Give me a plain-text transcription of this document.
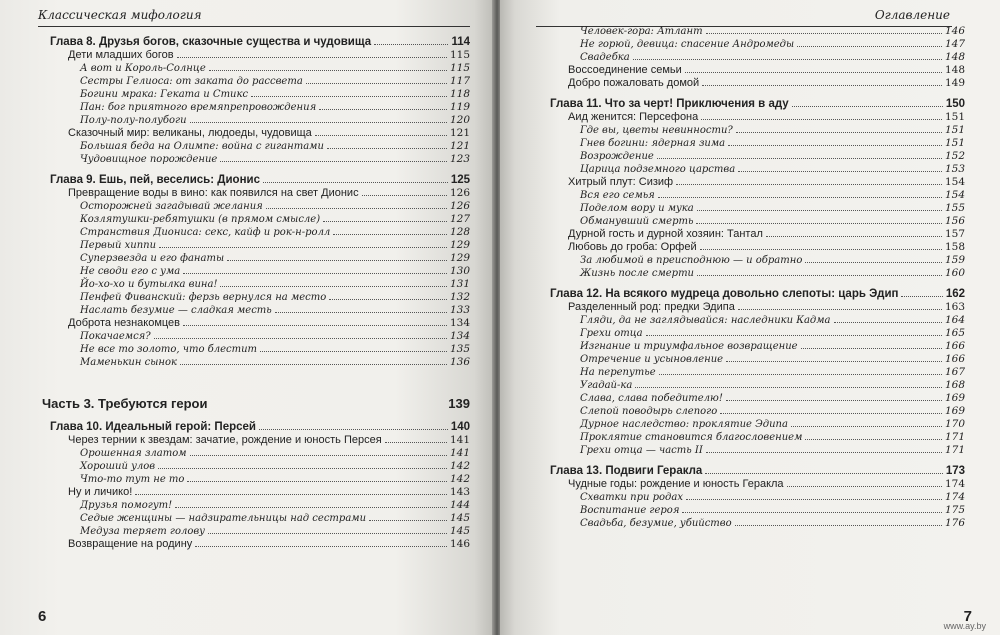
Классическая мифология
Глава 8. Друзья богов, сказочные существа и чудовища	114
Дети младших богов	115
А вот и Король-Солнце	115
Сестры Гелиоса: от заката до рассвета	117
Богини мрака: Геката и Стикс	118
Пан: бог приятного времяпрепровождения	119
Полу-полу-полубоги	120
Сказочный мир: великаны, людоеды, чудовища	121
Большая беда на Олимпе: война с гигантами	121
Чудовищное порождение	123
Глава 9. Ешь, пей, веселись: Дионис	125
Превращение воды в вино: как появился на свет Дионис	126
Осторожней загадывай желания	126
Козлятушки-ребятушки (в прямом смысле)	127
Странствия Диониса: секс, кайф и рок-н-ролл	128
Первый хиппи	129
Суперзвезда и его фанаты	129
Не своди его с ума	130
Йо-хо-хо и бутылка вина!	131
Пенфей Фиванский: ферзь вернулся на место	132
Наслать безумие — сладкая месть	133
Доброта незнакомцев	134
Покачаемся?	134
Не все то золото, что блестит	135
Маменькин сынок	136
Часть 3. Требуются герои	139
Глава 10. Идеальный герой: Персей	140
Через тернии к звездам: зачатие, рождение и юность Персея	141
Орошенная златом	141
Хороший улов	142
Что-то тут не то	142
Ну и личико!	143
Друзья помогут!	144
Седые женщины — надзирательницы над сестрами	145
Медуза теряет голову	145
Возвращение на родину	146
6
Оглавление
Человек-гора: Атлант	146
Не горюй, девица: спасение Андромеды	147
Свадебка	148
Воссоединение семьи	148
Добро пожаловать домой	149
Глава 11. Что за черт! Приключения в аду	150
Аид женится: Персефона	151
Где вы, цветы невинности?	151
Гнев богини: ядерная зима	151
Возрождение	152
Царица подземного царства	153
Хитрый плут: Сизиф	154
Вся его семья	154
Поделом вору и мука	155
Обманувший смерть	156
Дурной гость и дурной хозяин: Тантал	157
Любовь до гроба: Орфей	158
За любимой в преисподнюю — и обратно	159
Жизнь после смерти	160
Глава 12. На всякого мудреца довольно слепоты: царь Эдип	162
Разделенный род: предки Эдипа	163
Гляди, да не заглядывайся: наследники Кадма	164
Грехи отца	165
Изгнание и триумфальное возвращение	166
Отречение и усыновление	166
На перепутье	167
Угадай-ка	168
Слава, слава победителю!	169
Слепой поводырь слепого	169
Дурное наследство: проклятие Эдипа	170
Проклятие становится благословением	171
Грехи отца — часть II	171
Глава 13. Подвиги Геракла	173
Чудные годы: рождение и юность Геракла	174
Схватки при родах	174
Воспитание героя	175
Свадьба, безумие, убийство	176
7
www.ay.by
